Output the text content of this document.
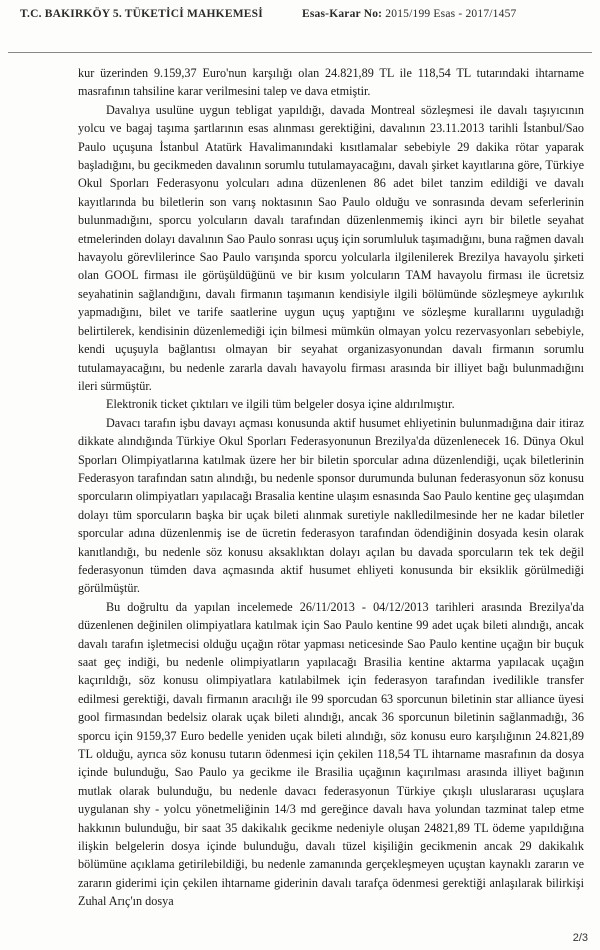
T.C. BAKIRKÖY 5. TÜKETİCİ MAHKEMESİ	Esas-Karar No: 2015/199 Esas - 2017/1457

kur üzerinden 9.159,37 Euro'nun karşılığı olan 24.821,89 TL ile 118,54 TL tutarındaki ihtarname masrafının tahsiline karar verilmesini talep ve dava etmiştir.

Davalıya usulüne uygun tebligat yapıldığı, davada Montreal sözleşmesi ile davalı taşıyıcının yolcu ve bagaj taşıma şartlarının esas alınması gerektiğini, davalının 23.11.2013 tarihli İstanbul/Sao Paulo uçuşuna İstanbul Atatürk Havalimanındaki kısıtlamalar sebebiyle 29 dakika rötar yaparak başladığını, bu gecikmeden davalının sorumlu tutulamayacağını, davalı şirket kayıtlarına göre, Türkiye Okul Sporları Federasyonu yolcuları adına düzenlenen 86 adet bilet tanzim edildiği ve davalı kayıtlarında bu biletlerin son varış noktasının Sao Paulo olduğu ve sonrasında devam seferlerinin bulunmadığını, sporcu yolcuların davalı tarafından düzenlenmemiş ikinci ayrı bir biletle seyahat etmelerinden dolayı davalının Sao Paulo sonrası uçuş için sorumluluk taşımadığını, buna rağmen davalı havayolu görevlilerince Sao Paulo varışında sporcu yolcularla ilgilenilerek Brezilya havayolu şirketi olan GOOL firması ile görüşüldüğünü ve bir kısım yolcuların TAM havayolu firması ile ücretsiz seyahatinin sağlandığını, davalı firmanın taşımanın kendisiyle ilgili bölümünde sözleşmeye aykırılık yapmadığını, bilet ve tarife saatlerine uygun uçuş yaptığını ve sözleşme kurallarını uyguladığı belirtilerek, kendisinin düzenlemediği için bilmesi mümkün olmayan yolcu rezervasyonları sebebiyle, kendi uçuşuyla bağlantısı olmayan bir seyahat organizasyonundan davalı firmanın sorumlu tutulamayacağını, bu nedenle zararla davalı havayolu firması arasında bir illiyet bağı bulunmadığını ileri sürmüştür.

Elektronik ticket çıktıları ve ilgili tüm belgeler dosya içine aldırılmıştır.

Davacı tarafın işbu davayı açması konusunda aktif husumet ehliyetinin bulunmadığına dair itiraz dikkate alındığında Türkiye Okul Sporları Federasyonunun Brezilya'da düzenlenecek 16. Dünya Okul Sporları Olimpiyatlarına katılmak üzere her bir biletin sporcular adına düzenlendiği, uçak biletlerinin Federasyon tarafından satın alındığı, bu nedenle sponsor durumunda bulunan federasyonun söz konusu sporcuların olimpiyatları yapılacağı Brasalia kentine ulaşım esnasında Sao Paulo kentine geç ulaşımdan dolayı tüm sporcuların başka bir uçak bileti alınmak suretiyle naklledilmesinde her ne kadar biletler sporcular adına düzenlenmiş ise de ücretin federasyon tarafından ödendiğinin dosyada kesin olarak kanıtlandığı, bu nedenle söz konusu aksaklıktan dolayı açılan bu davada sporcuların tek tek değil federasyonun tümden dava açmasında aktif husumet ehliyeti konusunda bir eksiklik görülmediği görülmüştür.

Bu doğrultu da yapılan incelemede 26/11/2013 - 04/12/2013 tarihleri arasında Brezilya'da düzenlenen değinilen olimpiyatlara katılmak için Sao Paulo kentine 99 adet uçak bileti alındığı, ancak davalı tarafın işletmecisi olduğu uçağın rötar yapması neticesinde Sao Paulo kentine uçağın bir buçuk saat geç indiği, bu nedenle olimpiyatların yapılacağı Brasilia kentine aktarma yapılacak uçağın kaçırıldığı, söz konusu olimpiyatlara katılabilmek için federasyon tarafından ivedilikle transfer edilmesi gerektiği, davalı firmanın aracılığı ile 99 sporcudan 63 sporcunun biletinin star alliance üyesi gool firmasından bedelsiz olarak uçak bileti alındığı, ancak 36 sporcunun biletinin sağlanmadığı, 36 sporcu için 9159,37 Euro bedelle yeniden uçak bileti alındığı, söz konusu euro karşılığının 24.821,89 TL olduğu, ayrıca söz konusu tutarın ödenmesi için çekilen 118,54 TL ihtarname masrafının da dosya içinde bulunduğu, Sao Paulo ya gecikme ile Brasilia uçağının kaçırılması arasında illiyet bağının mutlak olarak bulunduğu, bu nedenle davacı federasyonun Türkiye çıkışlı uluslararası uçuşlara uygulanan shy - yolcu yönetmeliğinin 14/3 md gereğince davalı hava yolundan tazminat talep etme hakkının bulunduğu, bir saat 35 dakikalık gecikme nedeniyle oluşan 24821,89 TL ödeme yapıldığına ilişkin belgelerin dosya içinde bulunduğu, davalı tüzel kişiliğin gecikmenin ancak 29 dakikalık bölümüne açıklama getirilebildiği, bu nedenle zamanında gerçekleşmeyen uçuştan kaynaklı zararın ve zararın giderimi için çekilen ihtarname giderinin davalı tarafça ödenmesi gerektiği anlaşılarak bilirkişi Zuhal Arıç'ın dosya

2/3
